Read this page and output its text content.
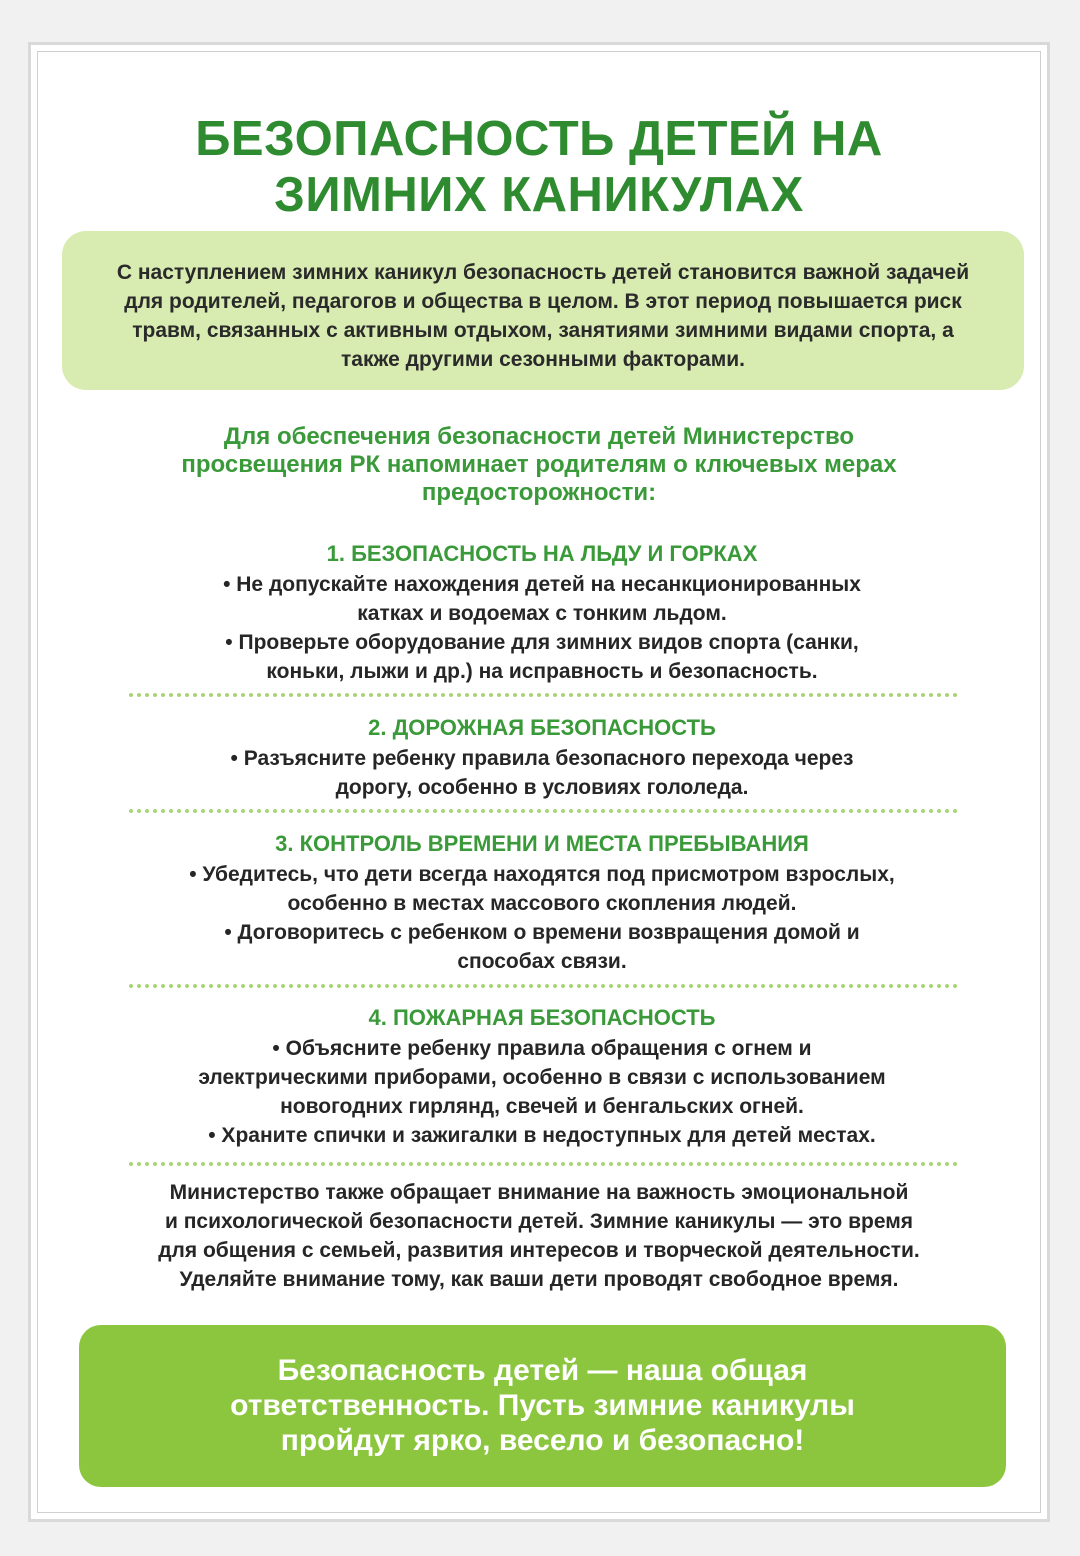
БЕЗОПАСНОСТЬ ДЕТЕЙ НА
ЗИМНИХ КАНИКУЛАХ

С наступлением зимних каникул безопасность детей становится важной задачей для родителей, педагогов и общества в целом. В этот период повышается риск травм, связанных с активным отдыхом, занятиями зимними видами спорта, а также другими сезонными факторами.

Для обеспечения безопасности детей Министерство
просвещения РК напоминает родителям о ключевых мерах
предосторожности:

1. БЕЗОПАСНОСТЬ НА ЛЬДУ И ГОРКАХ

• Не допускайте нахождения детей на несанкционированных
катках и водоемах с тонким льдом.

• Проверьте оборудование для зимних видов спорта (санки,
коньки, лыжи и др.) на исправность и безопасность.

2. ДОРОЖНАЯ БЕЗОПАСНОСТЬ

• Разъясните ребенку правила безопасного перехода через
дорогу, особенно в условиях гололеда.

3. КОНТРОЛЬ ВРЕМЕНИ И МЕСТА ПРЕБЫВАНИЯ

• Убедитесь, что дети всегда находятся под присмотром взрослых,
особенно в местах массового скопления людей.

• Договоритесь с ребенком о времени возвращения домой и
способах связи.

4. ПОЖАРНАЯ БЕЗОПАСНОСТЬ

• Объясните ребенку правила обращения с огнем и
электрическими приборами, особенно в связи с использованием
новогодних гирлянд, свечей и бенгальских огней.

• Храните спички и зажигалки в недоступных для детей местах.

Министерство также обращает внимание на важность эмоциональной
и психологической безопасности детей. Зимние каникулы — это время
для общения с семьей, развития интересов и творческой деятельности.
Уделяйте внимание тому, как ваши дети проводят свободное время.

Безопасность детей — наша общая
ответственность. Пусть зимние каникулы
пройдут ярко, весело и безопасно!
